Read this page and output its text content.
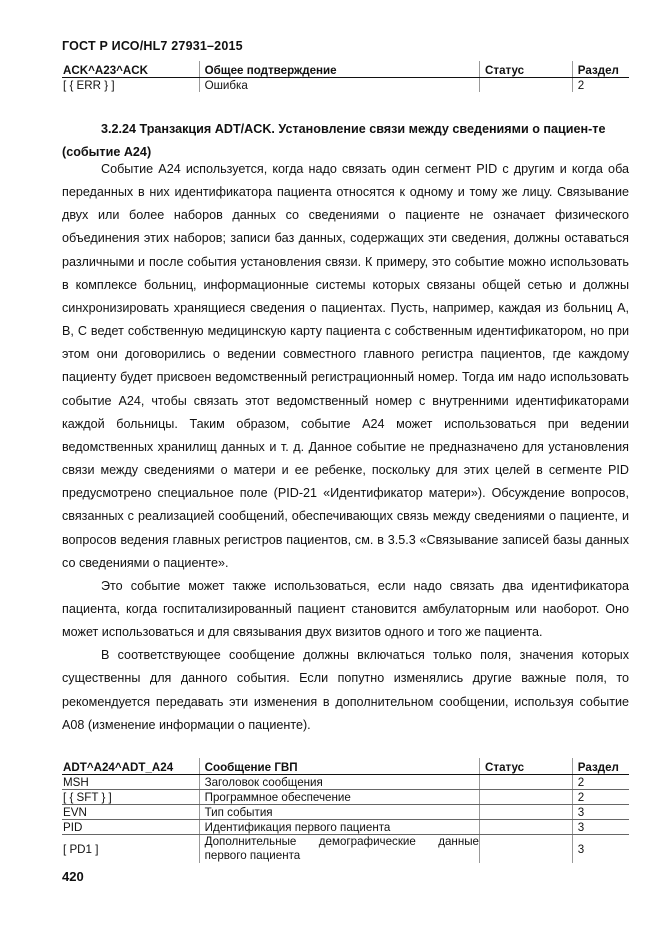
ГОСТ Р ИСО/HL7 27931–2015
ACK^A23^ACK	Общее подтверждение	Статус	Раздел
[ { ERR } ]	Ошибка		2
3.2.24 Транзакция ADT/ACK. Установление связи между сведениями о пациен-те (событие А24)

Событие А24 используется, когда надо связать один сегмент PID с другим и когда оба переданных в них идентификатора пациента относятся к одному и тому же лицу. Связывание двух или более наборов данных со сведениями о пациенте не означает физического объединения этих наборов; записи баз данных, содержащих эти сведения, должны оставаться различными и после события установления связи. К примеру, это событие можно использовать в комплексе больниц, информационные системы которых связаны общей сетью и должны синхронизировать хранящиеся сведения о пациентах. Пусть, например, каждая из больниц А, В, С ведет собственную медицинскую карту пациента с собственным идентификатором, но при этом они договорились о ведении совместного главного регистра пациентов, где каждому пациенту будет присвоен ведомственный регистрационный номер. Тогда им надо использовать событие А24, чтобы связать этот ведомственный номер с внутренними идентификаторами каждой больницы. Таким образом, событие А24 может использоваться при ведении ведомственных хранилищ данных и т. д. Данное событие не предназначено для установления связи между сведениями о матери и ее ребенке, поскольку для этих целей в сегменте PID предусмотрено специальное поле (PID-21 «Идентификатор матери»). Обсуждение вопросов, связанных с реализацией сообщений, обеспечивающих связь между сведениями о пациенте, и вопросов ведения главных регистров пациентов, см. в 3.5.3 «Связывание записей базы данных со сведениями о пациенте».

Это событие может также использоваться, если надо связать два идентификатора пациента, когда госпитализированный пациент становится амбулаторным или наоборот. Оно может использоваться и для связывания двух визитов одного и того же пациента.

В соответствующее сообщение должны включаться только поля, значения которых существенны для данного события. Если попутно изменялись другие важные поля, то рекомендуется передавать эти изменения в дополнительном сообщении, используя событие А08 (изменение информации о пациенте).

ADT^A24^ADT_A24	Сообщение ГВП	Статус	Раздел
MSH	Заголовок сообщения		2
[ { SFT } ]	Программное обеспечение		2
EVN	Тип события		3
PID	Идентификация первого пациента		3
[ PD1 ]	Дополнительные демографические данные первого пациента		3
420
